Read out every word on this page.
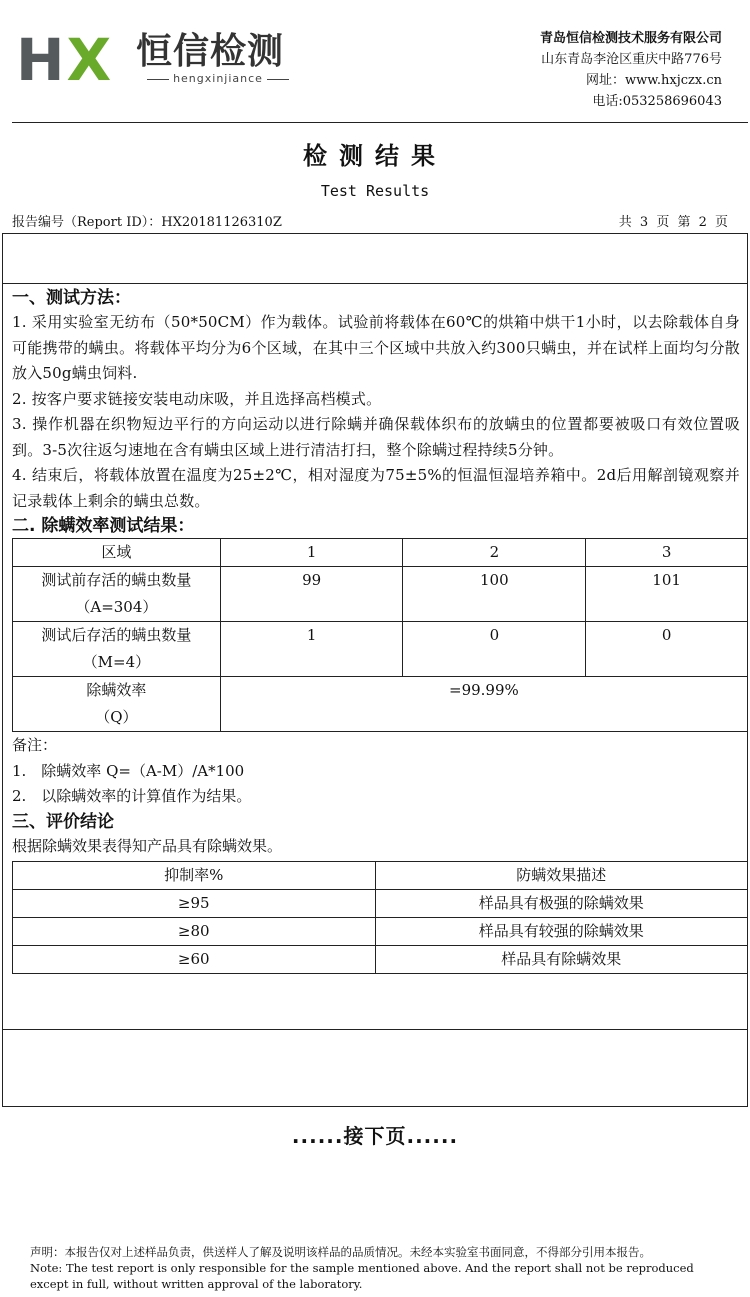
HX 恒信检测
hengxinjiance
青岛恒信检测技术服务有限公司
山东青岛李沧区重庆中路776号
网址：www.hxjczx.cn
电话:053258696043
检测结果
Test Results
报告编号（Report ID）：HX20181126310Z	共 3 页 第 2 页
一、测试方法：
1. 采用实验室无纺布（50*50CM）作为载体。试验前将载体在60℃的烘箱中烘干1小时，以去除载体自身可能携带的螨虫。将载体平均分为6个区域，在其中三个区域中共放入约300只螨虫，并在试样上面均匀分散放入50g螨虫饲料.
2. 按客户要求链接安装电动床吸，并且选择高档模式。
3. 操作机器在织物短边平行的方向运动以进行除螨并确保载体织布的放螨虫的位置都要被吸口有效位置吸到。3-5次往返匀速地在含有螨虫区域上进行清洁打扫，整个除螨过程持续5分钟。
4. 结束后，将载体放置在温度为25±2℃，相对湿度为75±5%的恒温恒湿培养箱中。2d后用解剖镜观察并记录载体上剩余的螨虫总数。
二. 除螨效率测试结果：
区域	1	2	3

测试前存活的螨虫数量
（A=304）	99	100	101

测试后存活的螨虫数量
（M=4）	1	0	0

除螨效率
（Q）	=99.99%		
备注：
1.　除螨效率 Q=（A-M）/A*100
2.　以除螨效率的计算值作为结果。
三、评价结论
根据除螨效果表得知产品具有除螨效果。
抑制率%	防螨效果描述
≥95	样品具有极强的除螨效果
≥80	样品具有较强的除螨效果
≥60	样品具有除螨效果
......接下页......
声明：本报告仅对上述样品负责，供送样人了解及说明该样品的品质情况。未经本实验室书面同意，不得部分引用本报告。
Note: The test report is only responsible for the sample mentioned above. And the report shall not be reproduced except in full, without written approval of the laboratory.
